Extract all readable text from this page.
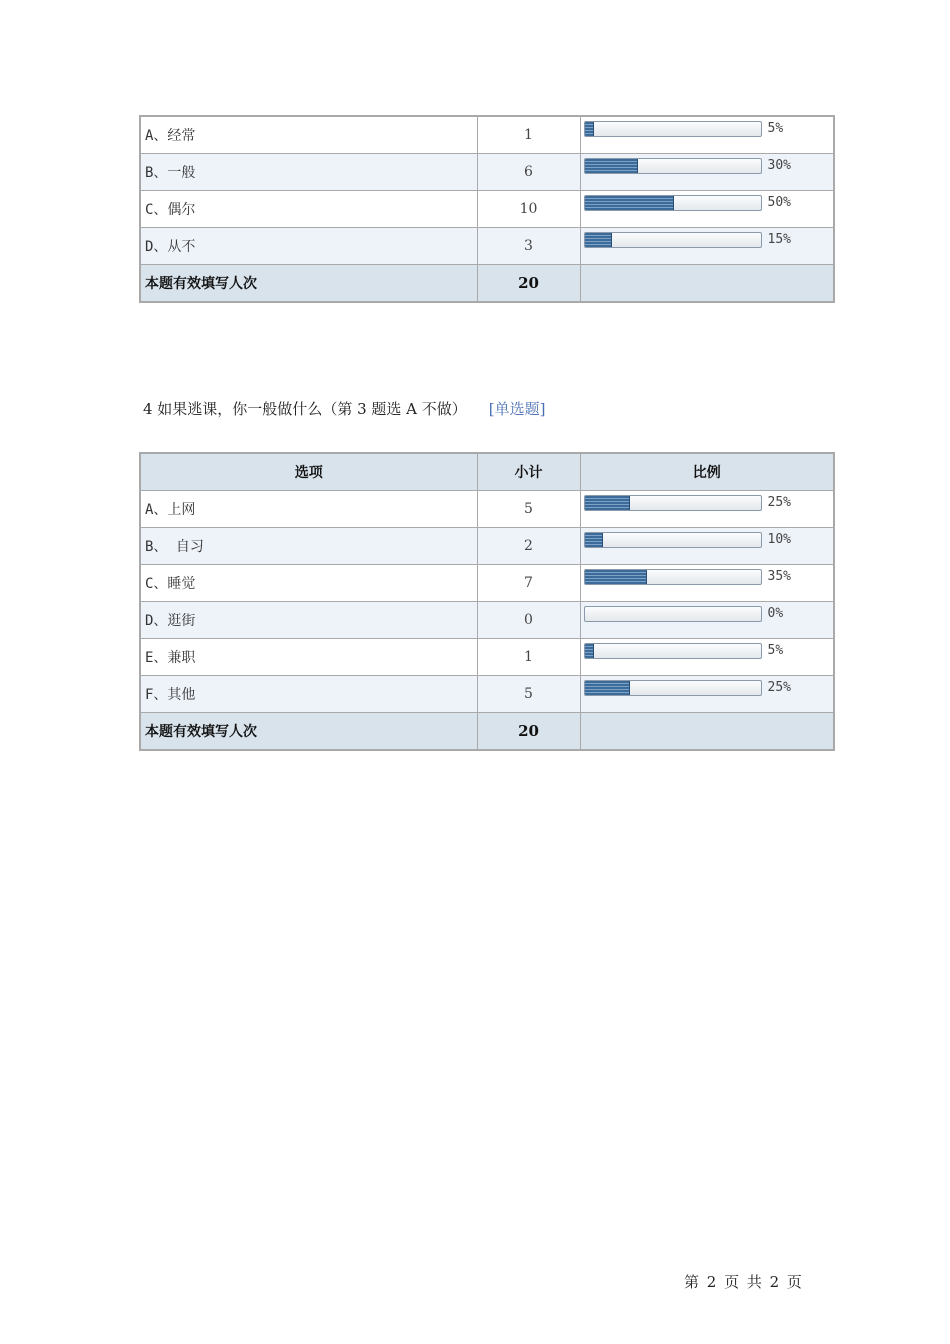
A、经常	1	5%

B、一般	6	30%

C、偶尔	10	50%

D、从不	3	15%

本题有效填写人次	20	
4 如果逃课，你一般做什么（第 3 题选 A 不做） [单选题]
选项	小计	比例
A、上网	5	25%

B、 自习	2	10%

C、睡觉	7	35%

D、逛街	0	0%

E、兼职	1	5%

F、其他	5	25%

本题有效填写人次	20	
第 2 页 共 2 页
